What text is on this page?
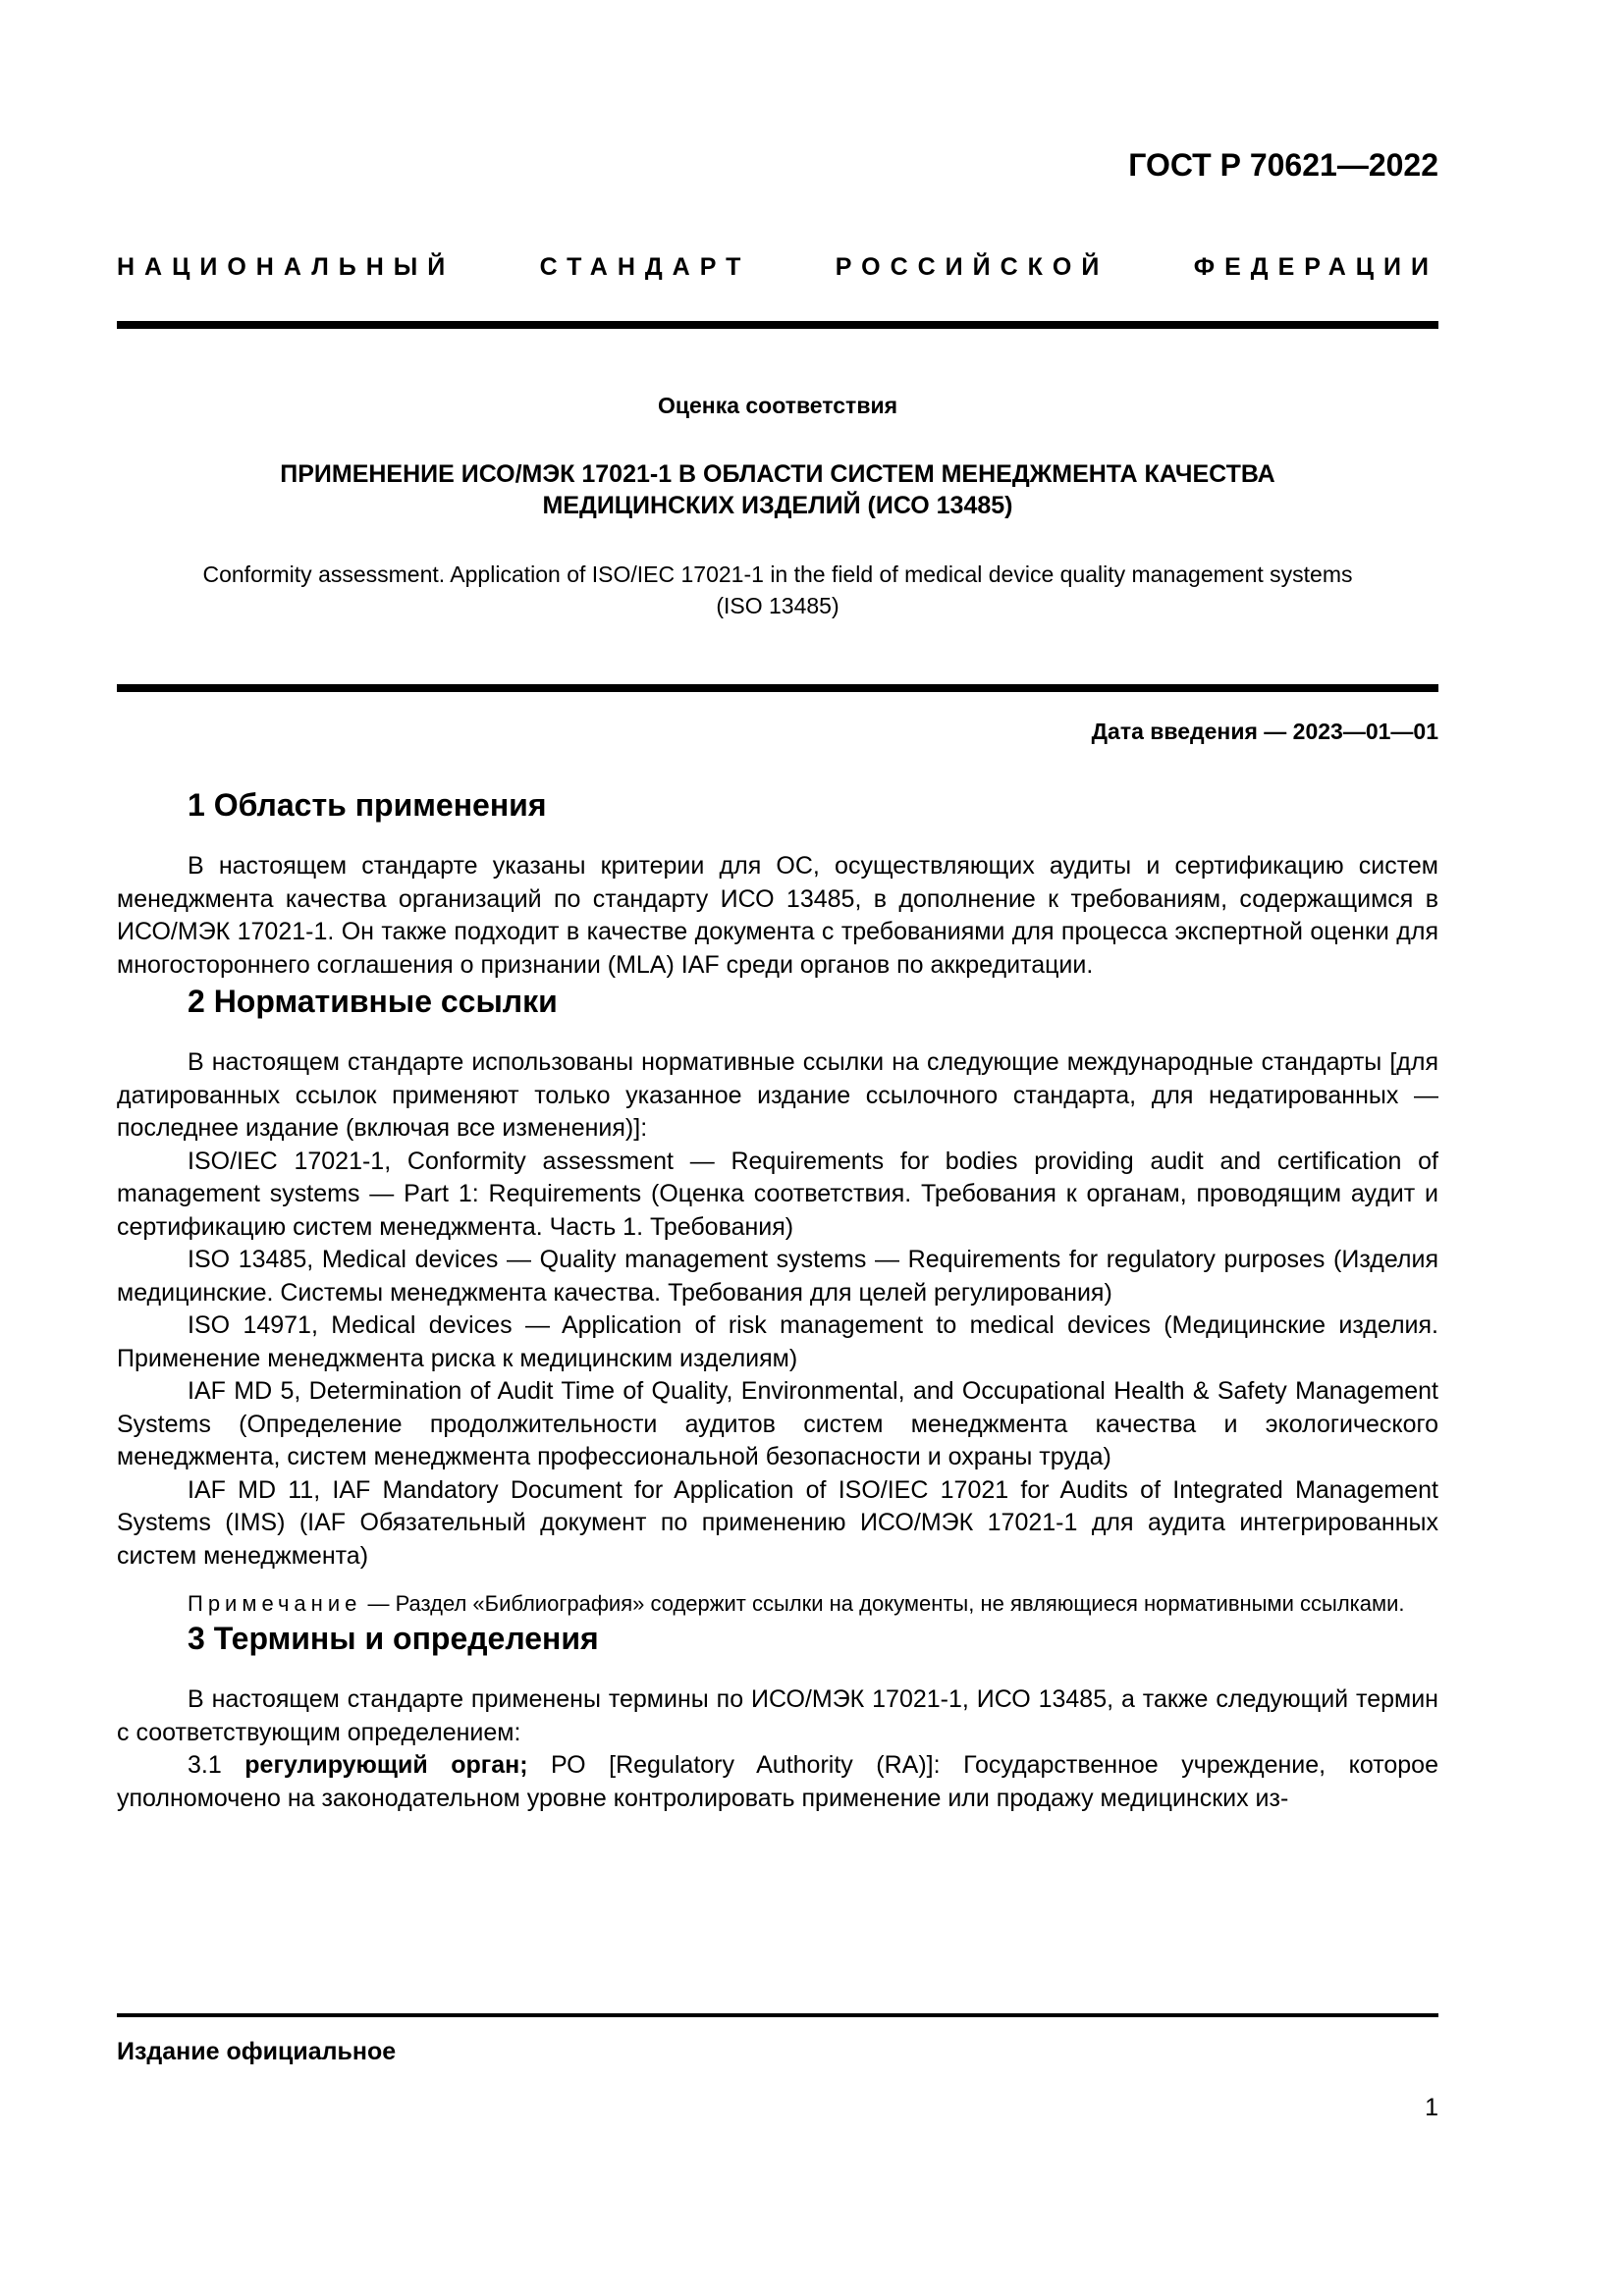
ГОСТ Р 70621—2022

НАЦИОНАЛЬНЫЙ СТАНДАРТ РОССИЙСКОЙ ФЕДЕРАЦИИ

Оценка соответствия

ПРИМЕНЕНИЕ ИСО/МЭК 17021-1 В ОБЛАСТИ СИСТЕМ МЕНЕДЖМЕНТА КАЧЕСТВА
МЕДИЦИНСКИХ ИЗДЕЛИЙ (ИСО 13485)

Conformity assessment. Application of ISO/IEC 17021-1 in the field of medical device quality management systems
(ISO 13485)

Дата введения — 2023—01—01

1 Область применения

В настоящем стандарте указаны критерии для ОС, осуществляющих аудиты и сертификацию систем менеджмента качества организаций по стандарту ИСО 13485, в дополнение к требованиям, содержащимся в ИСО/МЭК 17021-1. Он также подходит в качестве документа с требованиями для процесса экспертной оценки для многостороннего соглашения о признании (MLA) IAF среди органов по аккредитации.

2 Нормативные ссылки

В настоящем стандарте использованы нормативные ссылки на следующие международные стандарты [для датированных ссылок применяют только указанное издание ссылочного стандарта, для недатированных — последнее издание (включая все изменения)]:

ISO/IEC 17021-1, Conformity assessment — Requirements for bodies providing audit and certification of management systems — Part 1: Requirements (Оценка соответствия. Требования к органам, проводящим аудит и сертификацию систем менеджмента. Часть 1. Требования)

ISO 13485, Medical devices — Quality management systems — Requirements for regulatory purposes (Изделия медицинские. Системы менеджмента качества. Требования для целей регулирования)

ISO 14971, Medical devices — Application of risk management to medical devices (Медицинские изделия. Применение менеджмента риска к медицинским изделиям)

IAF MD 5, Determination of Audit Time of Quality, Environmental, and Occupational Health & Safety Management Systems (Определение продолжительности аудитов систем менеджмента качества и экологического менеджмента, систем менеджмента профессиональной безопасности и охраны труда)

IAF MD 11, IAF Mandatory Document for Application of ISO/IEC 17021 for Audits of Integrated Management Systems (IMS) (IAF Обязательный документ по применению ИСО/МЭК 17021-1 для аудита интегрированных систем менеджмента)

Примечание — Раздел «Библиография» содержит ссылки на документы, не являющиеся нормативными ссылками.

3 Термины и определения

В настоящем стандарте применены термины по ИСО/МЭК 17021-1, ИСО 13485, а также следующий термин с соответствующим определением:

3.1 регулирующий орган; РО [Regulatory Authority (RA)]: Государственное учреждение, которое уполномочено на законодательном уровне контролировать применение или продажу медицинских из-

Издание официальное

1
